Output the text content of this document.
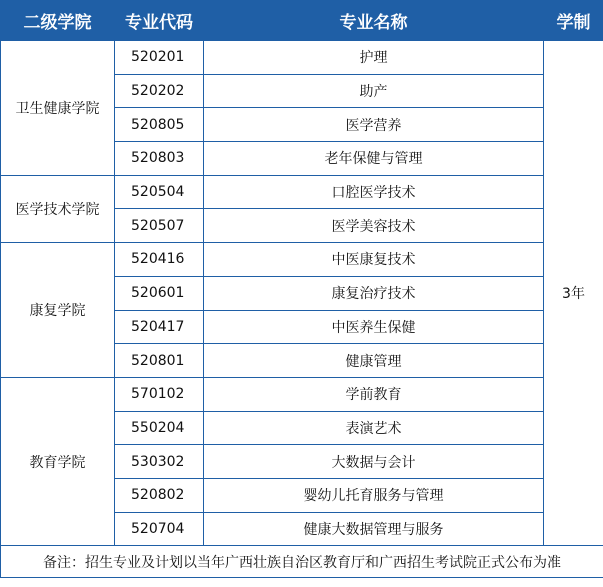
二级学院	专业代码	专业名称	学制
卫生健康学院	520201	护理	3年
	520202	助产	
	520805	医学营养	
	520803	老年保健与管理	
医学技术学院	520504	口腔医学技术	
	520507	医学美容技术	
康复学院	520416	中医康复技术	
	520601	康复治疗技术	
	520417	中医养生保健	
	520801	健康管理	
教育学院	570102	学前教育	
	550204	表演艺术	
	530302	大数据与会计	
	520802	婴幼儿托育服务与管理	
	520704	健康大数据管理与服务	
备注：招生专业及计划以当年广西壮族自治区教育厅和广西招生考试院正式公布为准			
